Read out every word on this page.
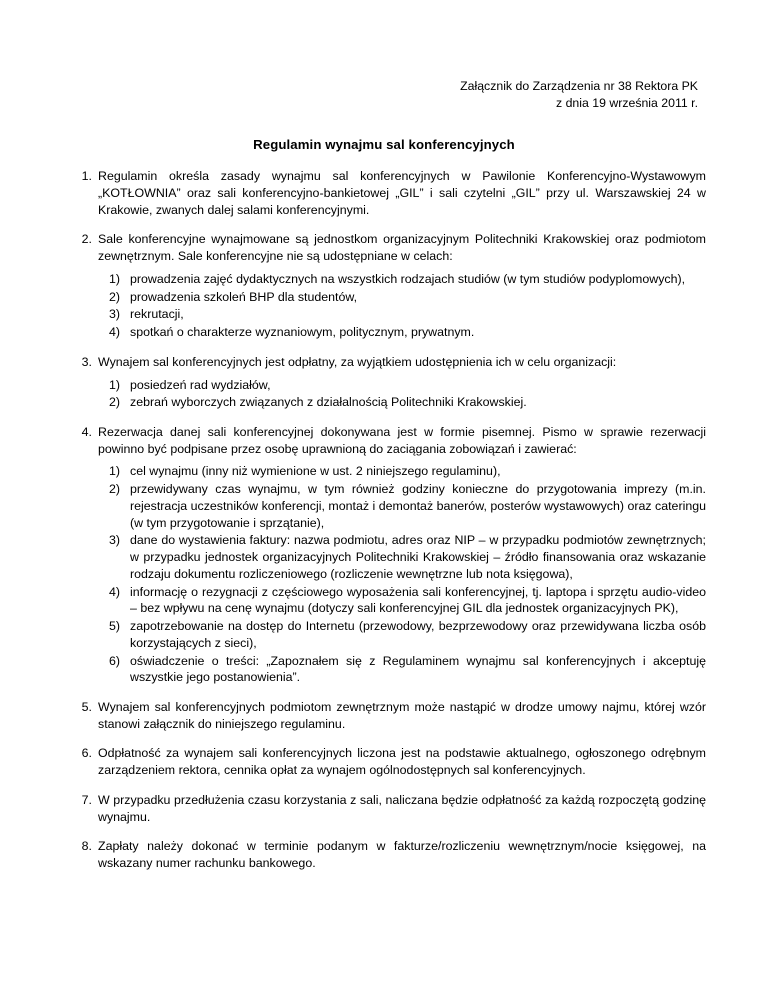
Załącznik do Zarządzenia nr 38 Rektora PK
z dnia 19 września 2011 r.
Regulamin wynajmu sal konferencyjnych
1. Regulamin określa zasady wynajmu sal konferencyjnych w Pawilonie Konferencyjno-Wystawowym „KOTŁOWNIA” oraz sali konferencyjno-bankietowej „GIL” i sali czytelni „GIL” przy ul. Warszawskiej 24 w Krakowie, zwanych dalej salami konferencyjnymi.
2. Sale konferencyjne wynajmowane są jednostkom organizacyjnym Politechniki Krakowskiej oraz podmiotom zewnętrznym. Sale konferencyjne nie są udostępniane w celach:
1) prowadzenia zajęć dydaktycznych na wszystkich rodzajach studiów (w tym studiów podyplomowych),
2) prowadzenia szkoleń BHP dla studentów,
3) rekrutacji,
4) spotkań o charakterze wyznaniowym, politycznym, prywatnym.
3. Wynajem sal konferencyjnych jest odpłatny, za wyjątkiem udostępnienia ich w celu organizacji:
1) posiedzeń rad wydziałów,
2) zebrań wyborczych związanych z działalnością Politechniki Krakowskiej.
4. Rezerwacja danej sali konferencyjnej dokonywana jest w formie pisemnej. Pismo w sprawie rezerwacji powinno być podpisane przez osobę uprawnioną do zaciągania zobowiązań i zawierać:
1) cel wynajmu (inny niż wymienione w ust. 2 niniejszego regulaminu),
2) przewidywany czas wynajmu, w tym również godziny konieczne do przygotowania imprezy (m.in. rejestracja uczestników konferencji, montaż i demontaż banerów, posterów wystawowych) oraz cateringu (w tym przygotowanie i sprzątanie),
3) dane do wystawienia faktury: nazwa podmiotu, adres oraz NIP – w przypadku podmiotów zewnętrznych; w przypadku jednostek organizacyjnych Politechniki Krakowskiej – źródło finansowania oraz wskazanie rodzaju dokumentu rozliczeniowego (rozliczenie wewnętrzne lub nota księgowa),
4) informację o rezygnacji z częściowego wyposażenia sali konferencyjnej, tj. laptopa i sprzętu audio-video – bez wpływu na cenę wynajmu (dotyczy sali konferencyjnej GIL dla jednostek organizacyjnych PK),
5) zapotrzebowanie na dostęp do Internetu (przewodowy, bezprzewodowy oraz przewidywana liczba osób korzystających z sieci),
6) oświadczenie o treści: „Zapoznałem się z Regulaminem wynajmu sal konferencyjnych i akceptuję wszystkie jego postanowienia”.
5. Wynajem sal konferencyjnych podmiotom zewnętrznym może nastąpić w drodze umowy najmu, której wzór stanowi załącznik do niniejszego regulaminu.
6. Odpłatność za wynajem sali konferencyjnych liczona jest na podstawie aktualnego, ogłoszonego odrębnym zarządzeniem rektora, cennika opłat za wynajem ogólnodostępnych sal konferencyjnych.
7. W przypadku przedłużenia czasu korzystania z sali, naliczana będzie odpłatność za każdą rozpoczętą godzinę wynajmu.
8. Zapłaty należy dokonać w terminie podanym w fakturze/rozliczeniu wewnętrznym/nocie księgowej, na wskazany numer rachunku bankowego.
